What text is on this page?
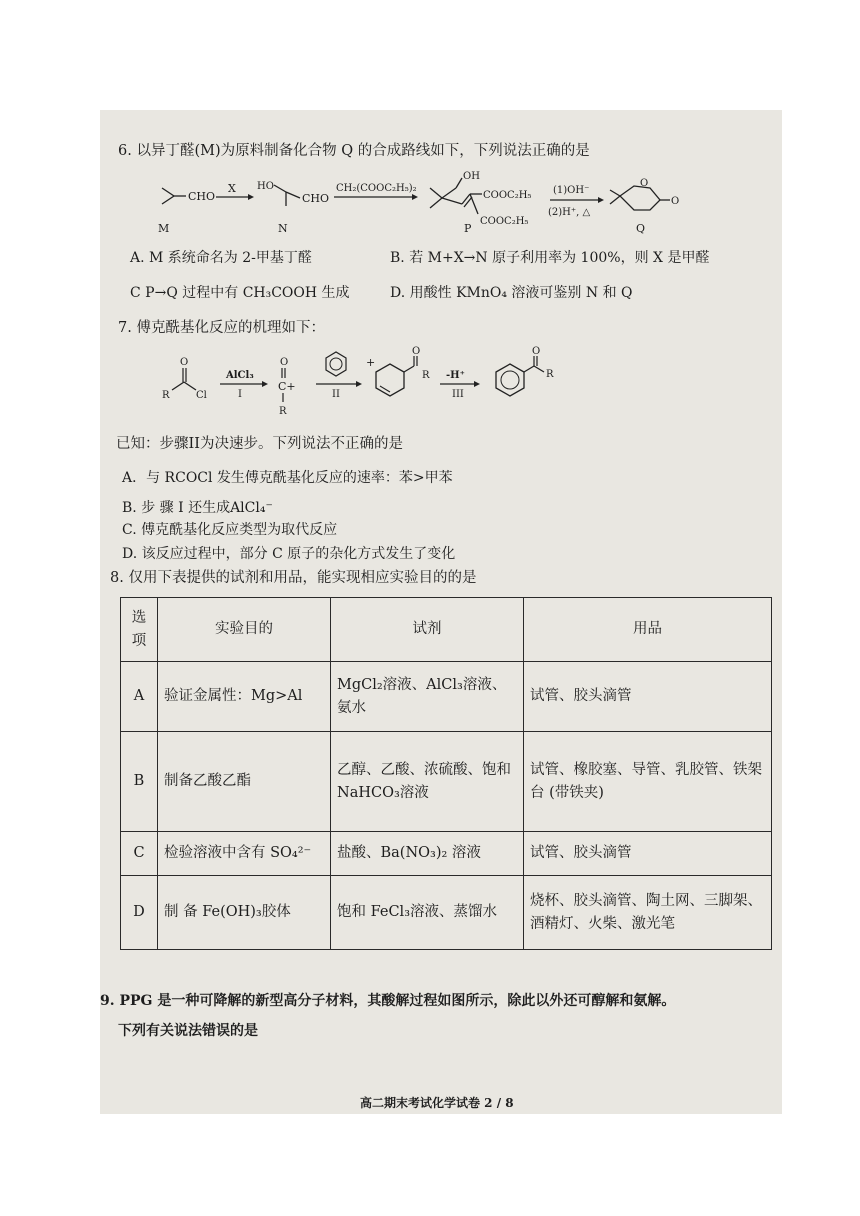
6. 以异丁醛(M)为原料制备化合物 Q 的合成路线如下，下列说法正确的是
CHO
M
X HO
CHO
N
CH₂(COOC₂H₅)₂
OH
COOC₂H₅
COOC₂H₅
P
(1)OH⁻
(2)H⁺, △
O
O
Q
A. M 系统命名为 2-甲基丁醛	B. 若 M+X→N 原子利用率为 100%，则 X 是甲醛
C P→Q 过程中有 CH₃COOH 生成	D. 用酸性 KMnO₄ 溶液可鉴别 N 和 Q
7. 傅克酰基化反应的机理如下：
O
R	Cl
AlCl₃
I
O
C+
R
II
+
O
R -H⁺
III
O
R
已知：步骤II为决速步。下列说法不正确的是
A．与 RCOCl 发生傅克酰基化反应的速率：苯>甲苯
B. 步 骤 I 还生成AlCl₄⁻
C. 傅克酰基化反应类型为取代反应
D. 该反应过程中，部分 C 原子的杂化方式发生了变化
8. 仅用下表提供的试剂和用品，能实现相应实验目的的是
选项	实验目的	试剂	用品
A	验证金属性：Mg>Al	MgCl₂溶液、AlCl₃溶液、氨水	试管、胶头滴管
B	制备乙酸乙酯	乙醇、乙酸、浓硫酸、饱和 NaHCO₃溶液	试管、橡胶塞、导管、乳胶管、铁架台 (带铁夹)
C	检验溶液中含有 SO₄²⁻	盐酸、Ba(NO₃)₂ 溶液	试管、胶头滴管
D	制 备 Fe(OH)₃胶体	饱和 FeCl₃溶液、蒸馏水	烧杯、胶头滴管、陶土网、三脚架、酒精灯、火柴、激光笔
9. PPG 是一种可降解的新型高分子材料，其酸解过程如图所示，除此以外还可醇解和氨解。
下列有关说法错误的是
高二期末考试化学试卷 2 / 8
